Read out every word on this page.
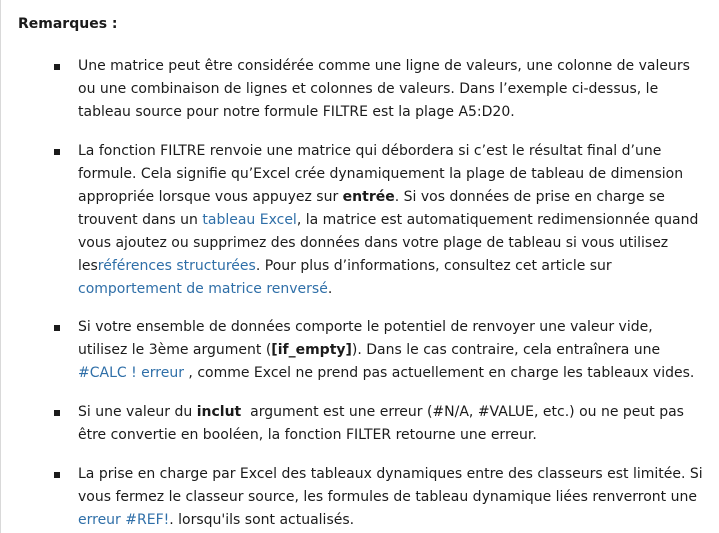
Remarques :

Une matrice peut être considérée comme une ligne de valeurs, une colonne de valeurs
ou une combinaison de lignes et colonnes de valeurs. Dans l’exemple ci-dessus, le
tableau source pour notre formule FILTRE est la plage A5:D20.
La fonction FILTRE renvoie une matrice qui débordera si c’est le résultat final d’une
formule. Cela signifie qu’Excel crée dynamiquement la plage de tableau de dimension
appropriée lorsque vous appuyez sur entrée. Si vos données de prise en charge se
trouvent dans un tableau Excel, la matrice est automatiquement redimensionnée quand
vous ajoutez ou supprimez des données dans votre plage de tableau si vous utilisez
lesréférences structurées. Pour plus d’informations, consultez cet article sur
comportement de matrice renversé.
Si votre ensemble de données comporte le potentiel de renvoyer une valeur vide,
utilisez le 3ème argument ([if_empty]). Dans le cas contraire, cela entraînera une
#CALC ! erreur , comme Excel ne prend pas actuellement en charge les tableaux vides.
Si une valeur du inclut  argument est une erreur (#N/A, #VALUE, etc.) ou ne peut pas
être convertie en booléen, la fonction FILTER retourne une erreur.
La prise en charge par Excel des tableaux dynamiques entre des classeurs est limitée. Si
vous fermez le classeur source, les formules de tableau dynamique liées renverront une
erreur #REF!. lorsqu'ils sont actualisés.
